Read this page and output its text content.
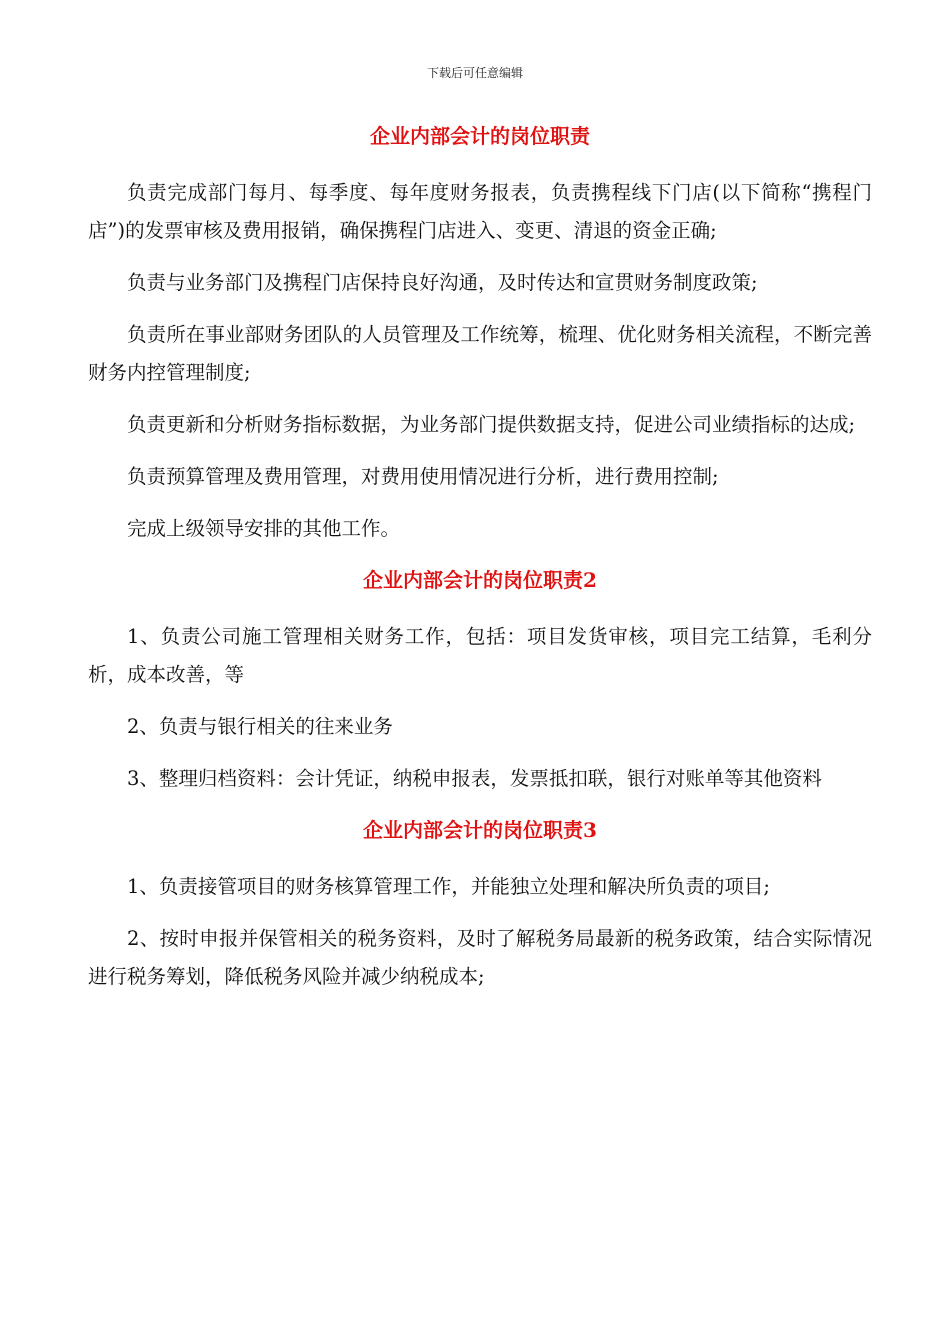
下载后可任意编辑
企业内部会计的岗位职责

负责完成部门每月、每季度、每年度财务报表，负责携程线下门店(以下简称“携程门店”)的发票审核及费用报销，确保携程门店进入、变更、清退的资金正确;

负责与业务部门及携程门店保持良好沟通，及时传达和宣贯财务制度政策;

负责所在事业部财务团队的人员管理及工作统筹，梳理、优化财务相关流程，不断完善财务内控管理制度;

负责更新和分析财务指标数据，为业务部门提供数据支持，促进公司业绩指标的达成;

负责预算管理及费用管理，对费用使用情况进行分析，进行费用控制;

完成上级领导安排的其他工作。

企业内部会计的岗位职责2

1、负责公司施工管理相关财务工作，包括：项目发货审核，项目完工结算，毛利分析，成本改善，等

2、负责与银行相关的往来业务

3、整理归档资料：会计凭证，纳税申报表，发票抵扣联，银行对账单等其他资料

企业内部会计的岗位职责3

1、负责接管项目的财务核算管理工作，并能独立处理和解决所负责的项目;

2、按时申报并保管相关的税务资料，及时了解税务局最新的税务政策，结合实际情况进行税务筹划，降低税务风险并减少纳税成本;
